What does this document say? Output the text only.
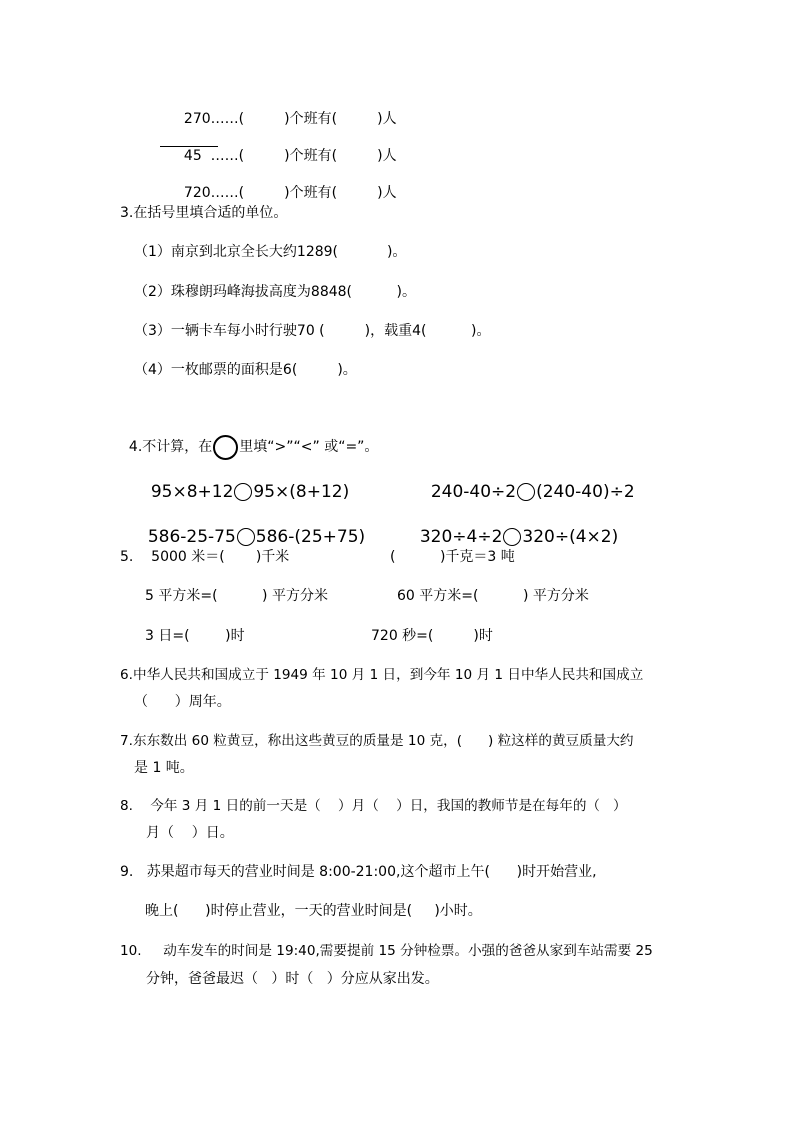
270……(         )个班有(         )人

45  ……(         )个班有(         )人

720……(         )个班有(         )人

3.在括号里填合适的单位。
（1）南京到北京全长大约1289(           )。
（2）珠穆朗玛峰海拔高度为8848(          )。
（3）一辆卡车每小时行驶70 (         )，载重4(          )。
（4）一枚邮票的面积是6(         )。

4.不计算，在 里填“>”“<” 或“=”。

95×8+12 95×(8+12)	240-40÷2 (240-40)÷2

586-25-75 586-(25+75)	320÷4÷2 320÷(4×2)

5.    5000 米＝(       )千米	(          )千克＝3 吨
5 平方米=(          ) 平方分米	60 平方米=(          ) 平方分米
3 日=(        )时	720 秒=(         )时
6.中华人民共和国成立于 1949 年 10 月 1 日，到今年 10 月 1 日中华人民共和国成立
（      ）周年。
7.东东数出 60 粒黄豆，称出这些黄豆的质量是 10 克，(      ) 粒这样的黄豆质量大约
是 1 吨。
8.    今年 3 月 1 日的前一天是（    ）月（    ）日，我国的教师节是在每年的（   ）
月（    ）日。
9.   苏果超市每天的营业时间是 8:00-21:00,这个超市上午(      )时开始营业,
晚上(      )时停止营业，一天的营业时间是(     )小时。
10.     动车发车的时间是 19:40,需要提前 15 分钟检票。小强的爸爸从家到车站需要 25
分钟，爸爸最迟（   ）时（   ）分应从家出发。
